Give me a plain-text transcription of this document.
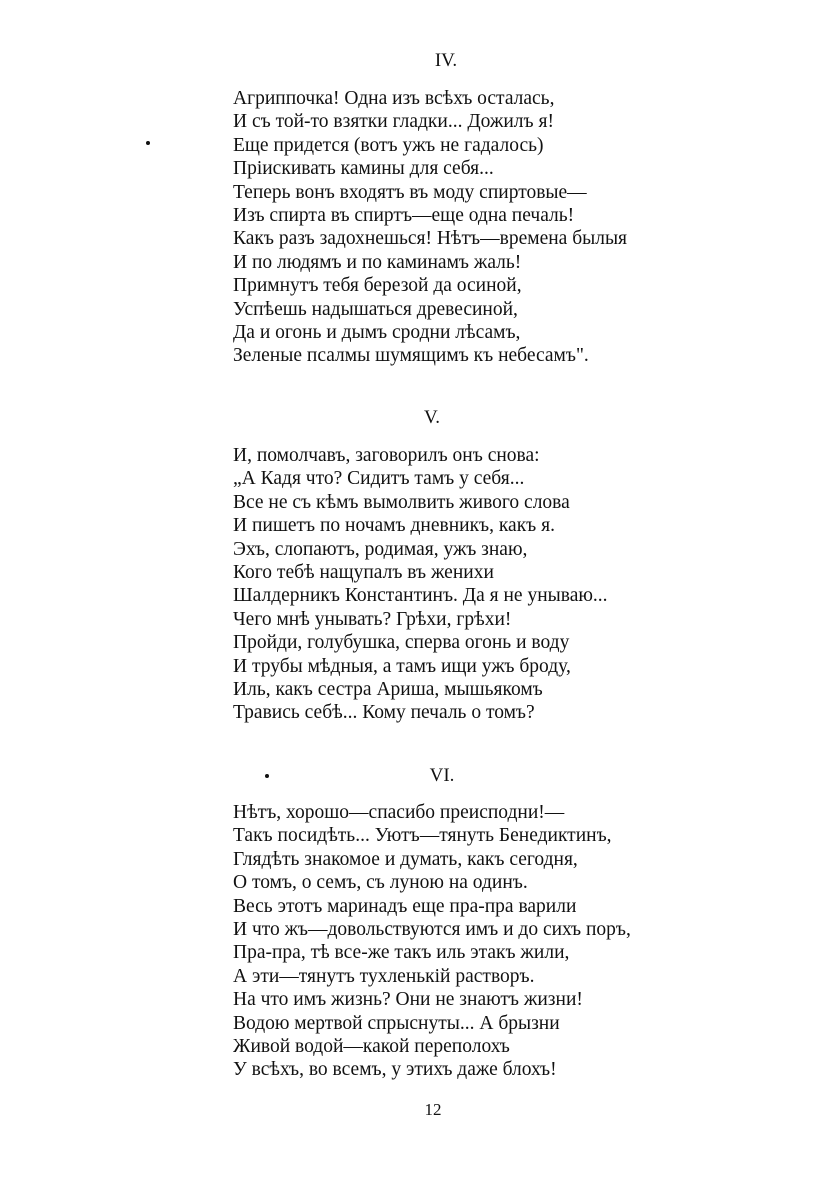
IV.
Агриппочка! Одна изъ всѣхъ осталась,
И съ той-то взятки гладки... Дожилъ я!
Еще придется (вотъ ужъ не гадалось)
Пріискивать камины для себя...
Теперь вонъ входятъ въ моду спиртовые—
Изъ спирта въ спиртъ—еще одна печаль!
Какъ разъ задохнешься! Нѣтъ—времена былыя
И по людямъ и по каминамъ жаль!
Примнутъ тебя березой да осиной,
Успѣешь надышаться древесиной,
Да и огонь и дымъ сродни лѣсамъ,
Зеленые псалмы шумящимъ къ небесамъ".
V.
И, помолчавъ, заговорилъ онъ снова:
„А Кадя что? Сидитъ тамъ у себя...
Все не съ кѣмъ вымолвить живого слова
И пишетъ по ночамъ дневникъ, какъ я.
Эхъ, слопаютъ, родимая, ужъ знаю,
Кого тебѣ нащупалъ въ женихи
Шалдерникъ Константинъ. Да я не унываю...
Чего мнѣ унывать? Грѣхи, грѣхи!
Пройди, голубушка, сперва огонь и воду
И трубы мѣдныя, а тамъ ищи ужъ броду,
Иль, какъ сестра Ариша, мышьякомъ
Травись себѣ... Кому печаль о томъ?
VI.
Нѣтъ, хорошо—спасибо преисподни!—
Такъ посидѣть... Уютъ—тянуть Бенедиктинъ,
Глядѣть знакомое и думать, какъ сегодня,
О томъ, о семъ, съ луною на одинъ.
Весь этотъ маринадъ еще пра-пра варили
И что жъ—довольствуются имъ и до сихъ поръ,
Пра-пра, тѣ все-же такъ иль этакъ жили,
А эти—тянутъ тухленькій растворъ.
На что имъ жизнь? Они не знаютъ жизни!
Водою мертвой спрыснуты... А брызни
Живой водой—какой переполохъ
У всѣхъ, во всемъ, у этихъ даже блохъ!

12
